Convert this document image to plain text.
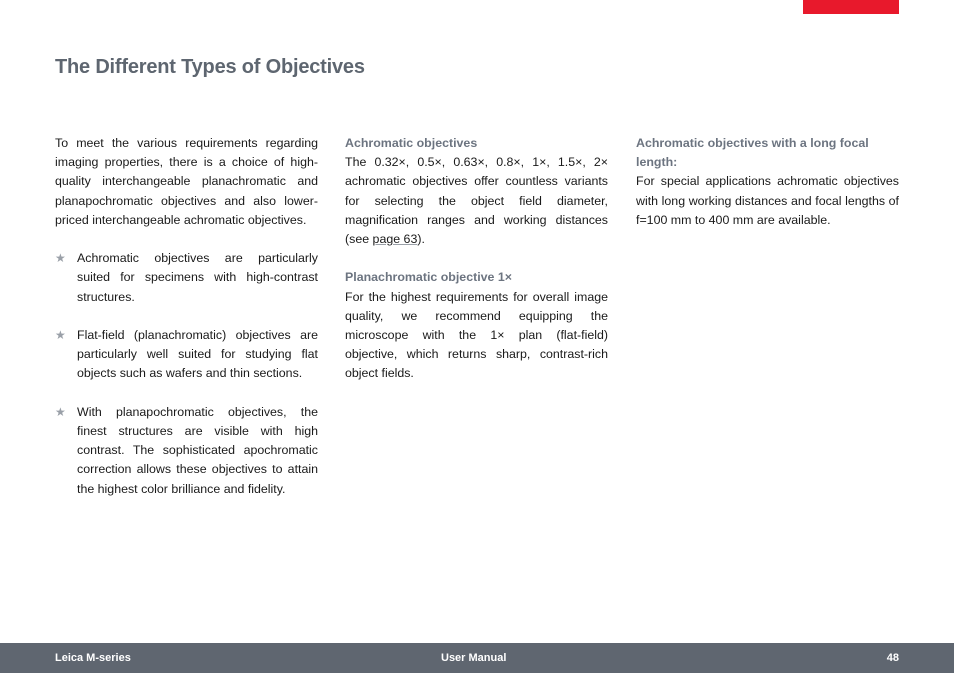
The Different Types of Objectives

To meet the various requirements regarding imaging properties, there is a choice of high-quality interchangeable planachromatic and planapochromatic objectives and also lower-priced interchangeable achromatic objectives.

★ Achromatic objectives are particularly suited for specimens with high-contrast structures.
★ Flat-field (planachromatic) objectives are particularly well suited for studying flat objects such as wafers and thin sections.
★ With planapochromatic objectives, the finest structures are visible with high contrast. The sophisticated apochromatic correction allows these objectives to attain the highest color brilliance and fidelity.

Achromatic objectives

The 0.32×, 0.5×, 0.63×, 0.8×, 1×, 1.5×, 2× achromatic objectives offer countless variants for selecting the object field diameter, magnification ranges and working distances (see page 63).

Planachromatic objective 1×

For the highest requirements for overall image quality, we recommend equipping the microscope with the 1× plan (flat-field) objective, which returns sharp, contrast-rich object fields.

Achromatic objectives with a long focal length:

For special applications achromatic objectives with long working distances and focal lengths of f=100 mm to 400 mm are available.

Leica M-series	User Manual	48
